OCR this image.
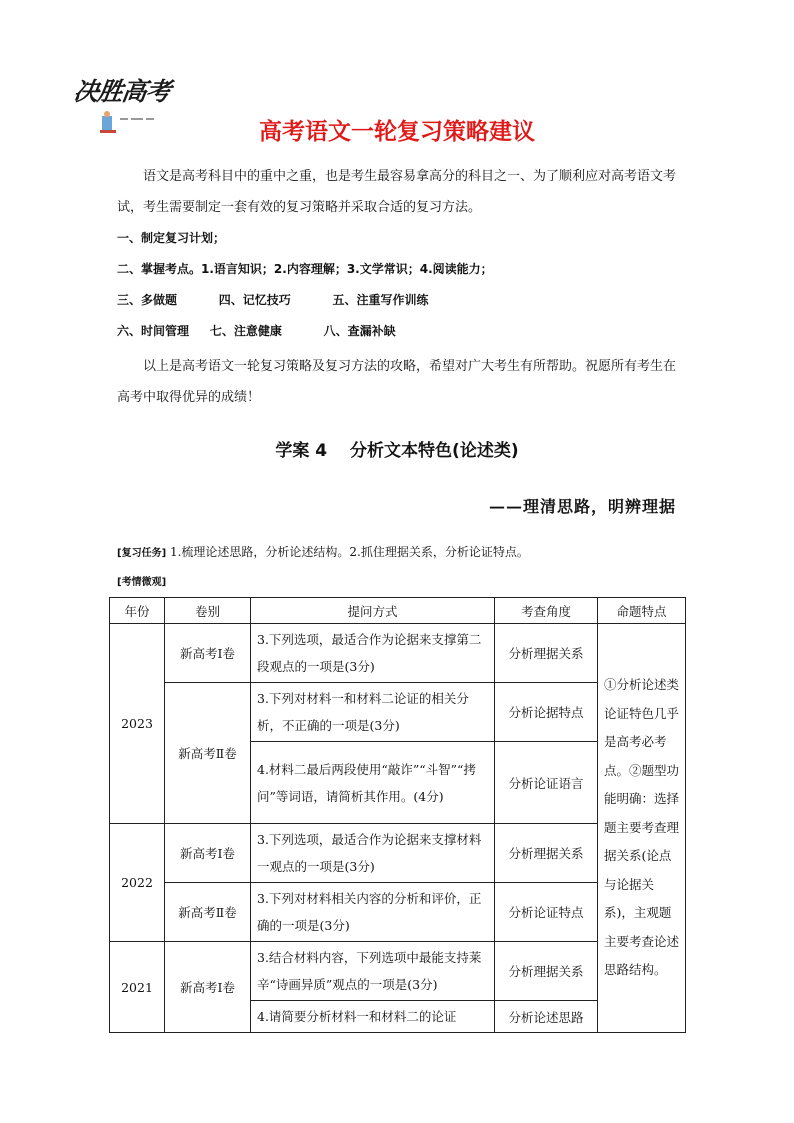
决胜高考
高考语文一轮复习策略建议
语文是高考科目中的重中之重，也是考生最容易拿高分的科目之一、为了顺利应对高考语文考试，考生需要制定一套有效的复习策略并采取合适的复习方法。
一、制定复习计划；
二、掌握考点。1.语言知识；2.内容理解；3.文学常识；4.阅读能力；
三、多做题          四、记忆技巧          五、注重写作训练
六、时间管理     七、注意健康          八、查漏补缺
以上是高考语文一轮复习策略及复习方法的攻略，希望对广大考生有所帮助。祝愿所有考生在高考中取得优异的成绩！
学案 4　 分析文本特色(论述类)
——理清思路，明辨理据
[复习任务] 1.梳理论述思路，分析论述结构。2.抓住理据关系，分析论证特点。
[考情微观]
年份	卷别	提问方式	考查角度	命题特点
2023	新高考Ⅰ卷	3.下列选项，最适合作为论据来支撑第二段观点的一项是(3分)	分析理据关系	①分析论述类论证特色几乎是高考必考点。②题型功能明确：选择题主要考查理据关系(论点与论据关系)，主观题主要考查论述思路结构。
	新高考Ⅱ卷	3.下列对材料一和材料二论证的相关分析，不正确的一项是(3分)	分析论据特点	
		4.材料二最后两段使用“敲诈”“斗智”“拷问”等词语，请简析其作用。(4分)	分析论证语言	
2022	新高考Ⅰ卷	3.下列选项，最适合作为论据来支撑材料一观点的一项是(3分)	分析理据关系	
	新高考Ⅱ卷	3.下列对材料相关内容的分析和评价，正确的一项是(3分)	分析论证特点	
2021	新高考Ⅰ卷	3.结合材料内容，下列选项中最能支持莱辛“诗画异质”观点的一项是(3分)	分析理据关系	
		4.请简要分析材料一和材料二的论证	分析论述思路	
